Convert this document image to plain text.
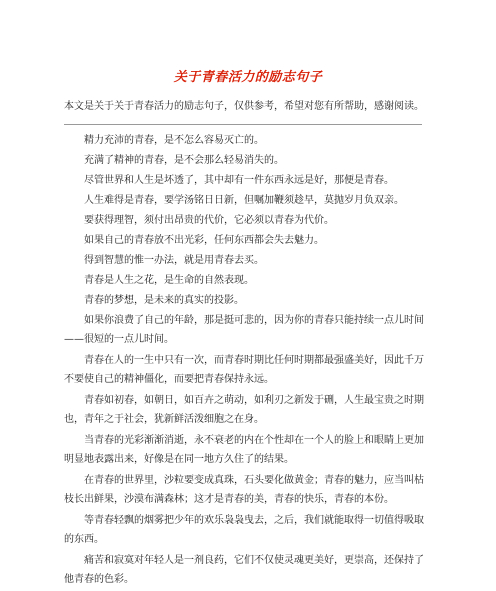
关于青春活力的励志句子
本文是关于关于青春活力的励志句子，仅供参考，希望对您有所帮助，感谢阅读。

精力充沛的青春，是不怎么容易灭亡的。

充满了精神的青春，是不会那么轻易消失的。

尽管世界和人生是坏透了，其中却有一件东西永远是好，那便是青春。

人生难得是青春，要学汤铭日日新，但嘱加鞭须趁早，莫抛岁月负双亲。

要获得理智，须付出昂贵的代价，它必须以青春为代价。

如果自己的青春放不出光彩，任何东西都会失去魅力。

得到智慧的惟一办法，就是用青春去买。

青春是人生之花，是生命的自然表现。

青春的梦想，是未来的真实的投影。

如果你浪费了自己的年龄，那是挺可悲的，因为你的青春只能持续一点儿时间——很短的一点儿时间。

青春在人的一生中只有一次，而青春时期比任何时期都最强盛美好，因此千万不要使自己的精神僵化，而要把青春保持永远。

青春如初春，如朝日，如百卉之萌动，如利刃之新发于硎，人生最宝贵之时期也，青年之于社会，犹新鲜活泼细胞之在身。

当青春的光彩渐渐消逝，永不衰老的内在个性却在一个人的脸上和眼睛上更加明显地表露出来，好像是在同一地方久住了的结果。

在青春的世界里，沙粒要变成真珠，石头要化做黄金；青春的魅力，应当叫枯枝长出鲜果，沙漠布满森林；这才是青春的美，青春的快乐，青春的本份。

等青春轻飘的烟雾把少年的欢乐袅袅曳去，之后，我们就能取得一切值得吸取的东西。

痛苦和寂寞对年轻人是一剂良药，它们不仅使灵魂更美好，更崇高，还保持了他青春的色彩。
